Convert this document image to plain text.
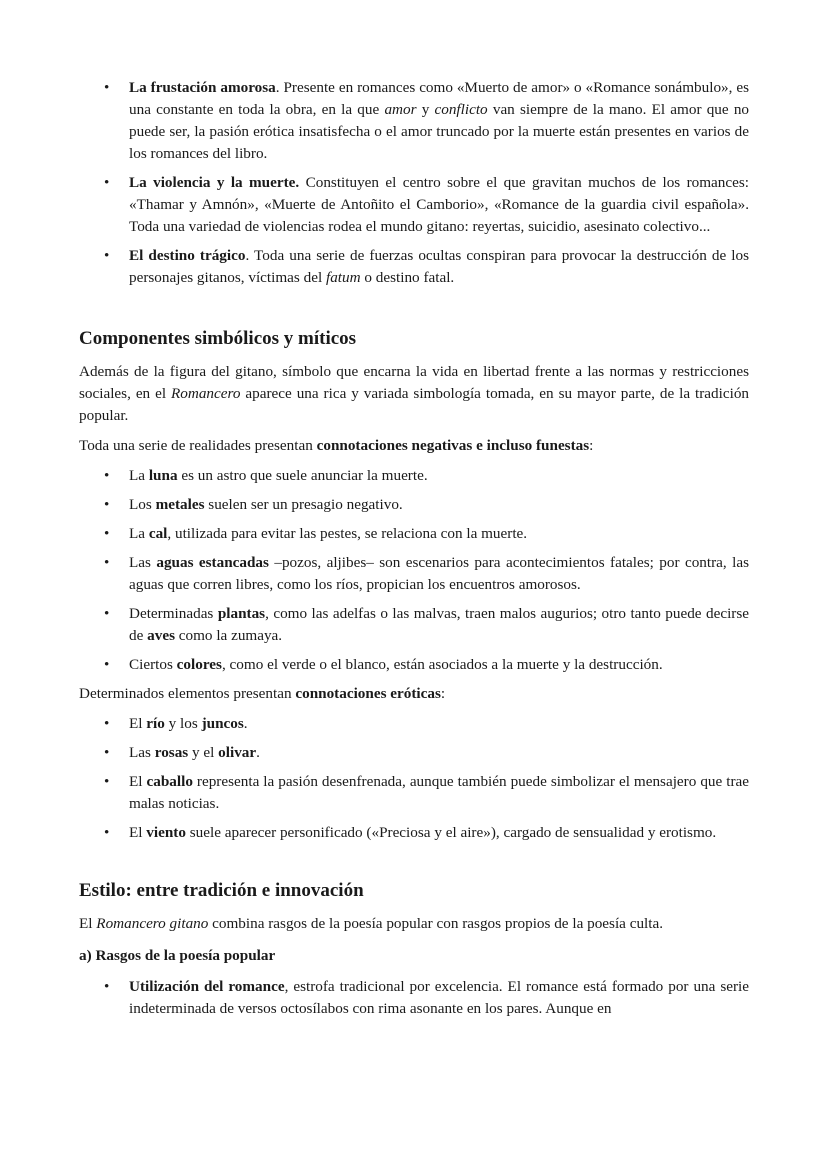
• La frustación amorosa. Presente en romances como «Muerto de amor» o «Romance sonámbulo», es una constante en toda la obra, en la que amor y conflicto van siempre de la mano. El amor que no puede ser, la pasión erótica insatisfecha o el amor truncado por la muerte están presentes en varios de los romances del libro.
• La violencia y la muerte. Constituyen el centro sobre el que gravitan muchos de los romances: «Thamar y Amnón», «Muerte de Antoñito el Camborio», «Romance de la guardia civil española». Toda una variedad de violencias rodea el mundo gitano: reyertas, suicidio, asesinato colectivo...
• El destino trágico. Toda una serie de fuerzas ocultas conspiran para provocar la destrucción de los personajes gitanos, víctimas del fatum o destino fatal.
Componentes simbólicos y míticos

Además de la figura del gitano, símbolo que encarna la vida en libertad frente a las normas y restricciones sociales, en el Romancero aparece una rica y variada simbología tomada, en su mayor parte, de la tradición popular.

Toda una serie de realidades presentan connotaciones negativas e incluso funestas:

• La luna es un astro que suele anunciar la muerte.
• Los metales suelen ser un presagio negativo.
• La cal, utilizada para evitar las pestes, se relaciona con la muerte.
• Las aguas estancadas –pozos, aljibes– son escenarios para acontecimientos fatales; por contra, las aguas que corren libres, como los ríos, propician los encuentros amorosos.
• Determinadas plantas, como las adelfas o las malvas, traen malos augurios; otro tanto puede decirse de aves como la zumaya.
• Ciertos colores, como el verde o el blanco, están asociados a la muerte y la destrucción.

Determinados elementos presentan connotaciones eróticas:

• El río y los juncos.
• Las rosas y el olivar.
• El caballo representa la pasión desenfrenada, aunque también puede simbolizar el mensajero que trae malas noticias.
• El viento suele aparecer personificado («Preciosa y el aire»), cargado de sensualidad y erotismo.
Estilo: entre tradición e innovación

El Romancero gitano combina rasgos de la poesía popular con rasgos propios de la poesía culta.

a) Rasgos de la poesía popular
• Utilización del romance, estrofa tradicional por excelencia. El romance está formado por una serie indeterminada de versos octosílabos con rima asonante en los pares. Aunque en
